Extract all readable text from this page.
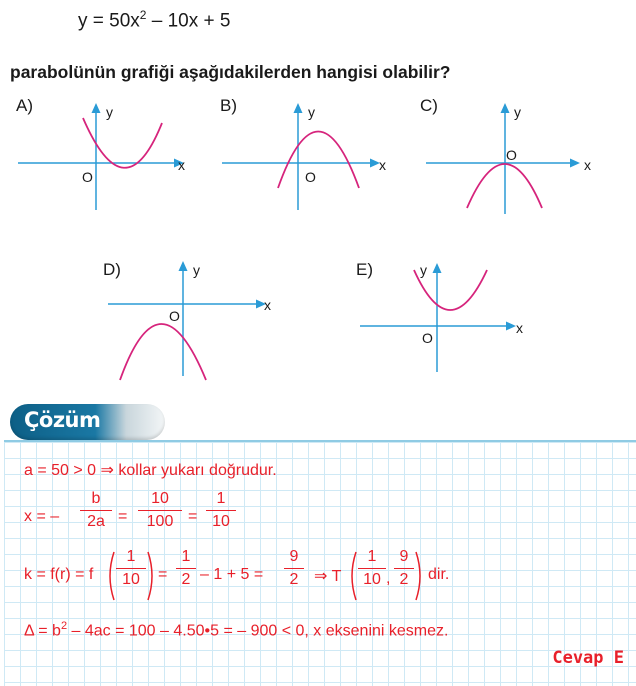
$y = 50x^2 - 10x + 5$
parabolünün grafiği aşağıdakilerden hangisi olabilir?
A)	B)	C)
D)	E)
y
x
O
y
x
O
y
x
O
y
x
O
y
x
O
Çözüm
a = 50 > 0 ⇒ kollar yukarı doğrudur.
x = –
b
2a =
10
100 =
1
10
k = f(r) = f
1
10	=
1
2 – 1 + 5 =
9
2 ⇒ T
1
10 ,
9
2	dir.
$\Delta = b^2 - 4ac = 100$ – 4.50•5 = – 900 < 0, x eksenini kesmez.
Cevap E
